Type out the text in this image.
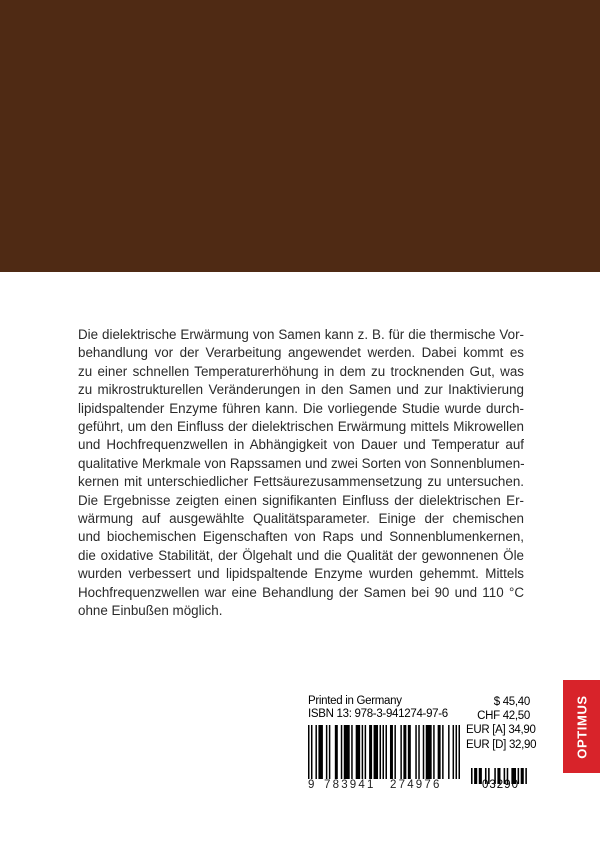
Die dielektrische Erwärmung von Samen kann z. B. für die thermische Vor-
behandlung vor der Verarbeitung angewendet werden. Dabei kommt es
zu einer schnellen Temperaturerhöhung in dem zu trocknenden Gut, was
zu mikrostrukturellen Veränderungen in den Samen und zur Inaktivierung
lipidspaltender Enzyme führen kann. Die vorliegende Studie wurde durch-
geführt, um den Einfluss der dielektrischen Erwärmung mittels Mikrowellen
und Hochfrequenzwellen in Abhängigkeit von Dauer und Temperatur auf
qualitative Merkmale von Rapssamen und zwei Sorten von Sonnenblumen-
kernen mit unterschiedlicher Fettsäurezusammensetzung zu untersuchen.
Die Ergebnisse zeigten einen signifikanten Einfluss der dielektrischen Er-
wärmung auf ausgewählte Qualitätsparameter. Einige der chemischen
und biochemischen Eigenschaften von Raps und Sonnenblumenkernen,
die oxidative Stabilität, der Ölgehalt und die Qualität der gewonnenen Öle
wurden verbessert und lipidspaltende Enzyme wurden gehemmt. Mittels
Hochfrequenzwellen war eine Behandlung der Samen bei 90 und 110 °C
ohne Einbußen möglich.
Printed in Germany
ISBN 13: 978-3-941274-97-6
9 783941 274976
$ 45,40
CHF 42,50
EUR [A] 34,90
EUR [D] 32,90
03290
OPTIMUS
